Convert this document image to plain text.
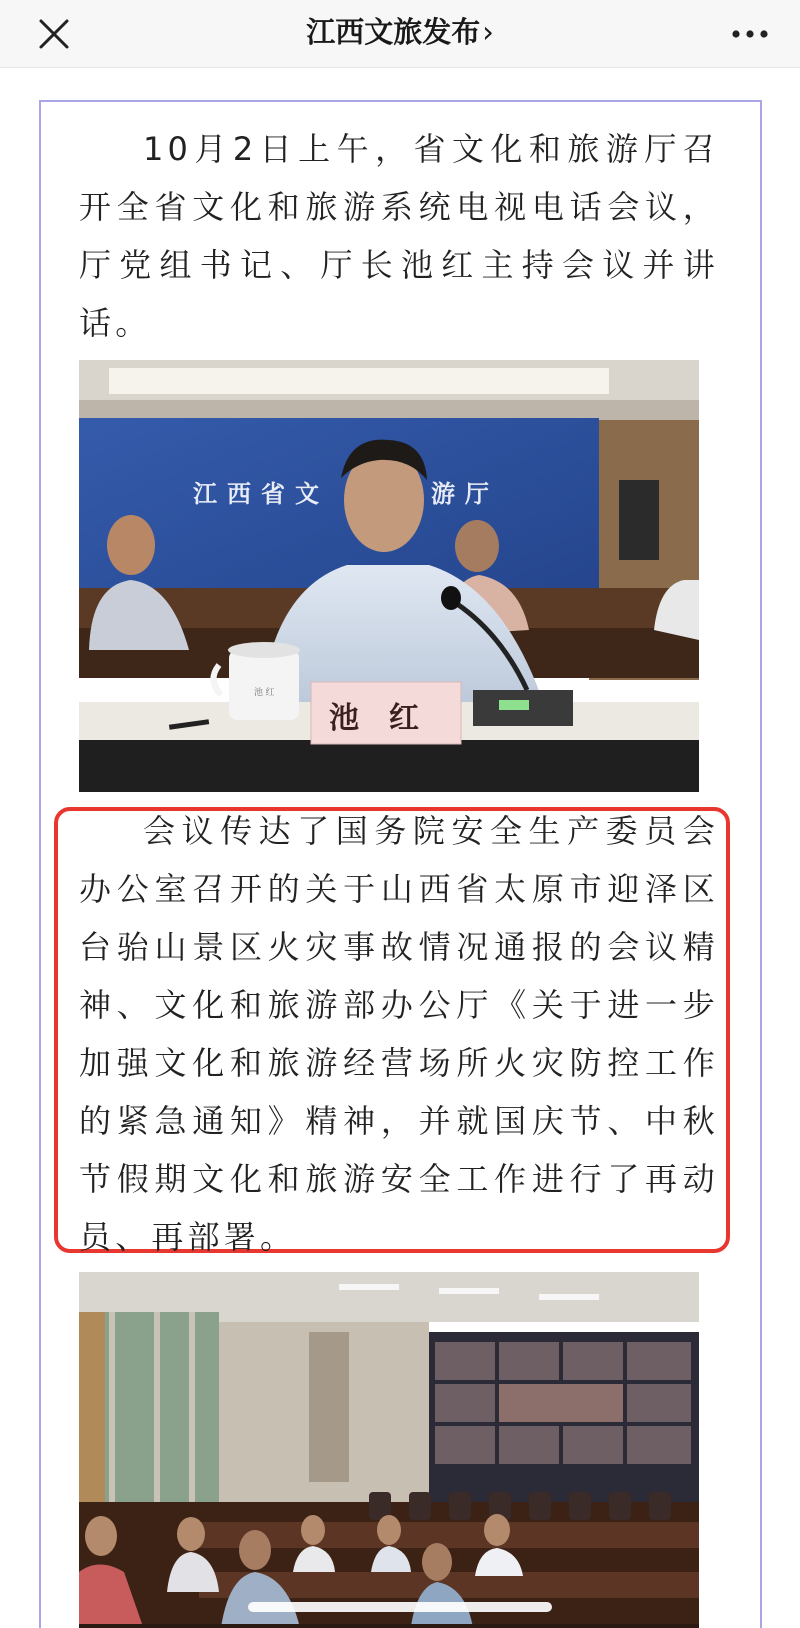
江西文旅发布›

10月2日上午，省文化和旅游厅召开全省文化和旅游系统电视电话会议，厅党组书记、厅长池红主持会议并讲话。

江西省文	游厅
池 红
池　红

会议传达了国务院安全生产委员会办公室召开的关于山西省太原市迎泽区台骀山景区火灾事故情况通报的会议精神、文化和旅游部办公厅《关于进一步加强文化和旅游经营场所火灾防控工作的紧急通知》精神，并就国庆节、中秋节假期文化和旅游安全工作进行了再动员、再部署。
